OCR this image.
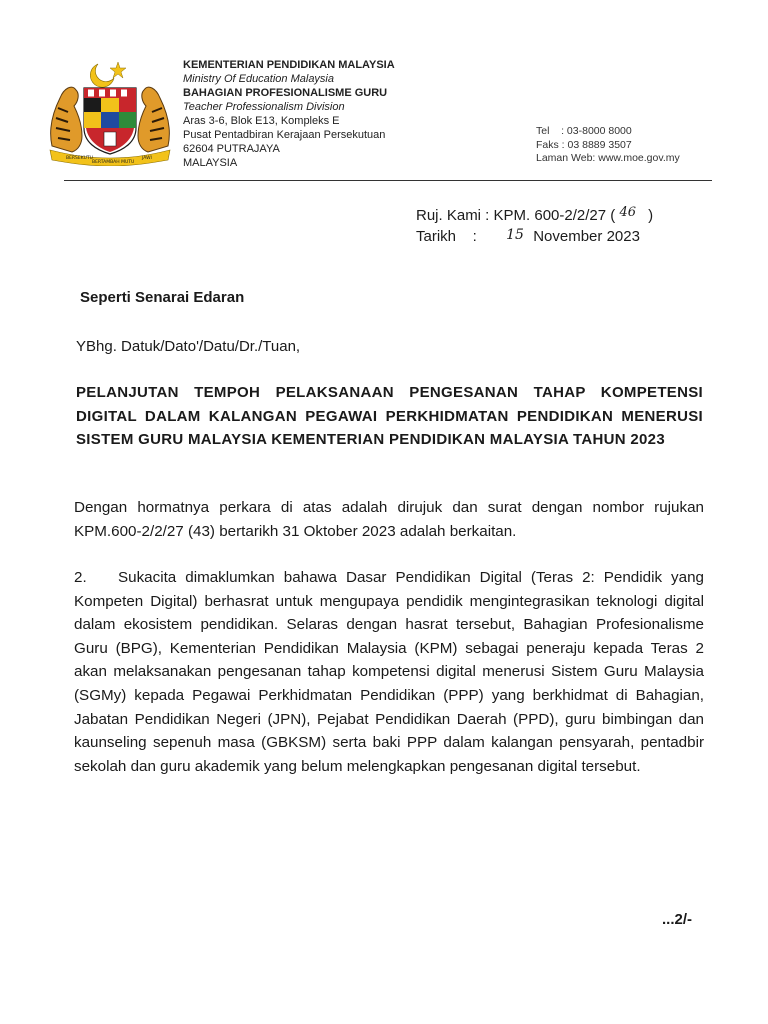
BERSEKUTU
BERTAMBAH MUTU
JAWI
KEMENTERIAN PENDIDIKAN MALAYSIA
Ministry Of Education Malaysia
BAHAGIAN PROFESIONALISME GURU
Teacher Professionalism Division
Aras 3-6, Blok E13, Kompleks E
Pusat Pentadbiran Kerajaan Persekutuan
62604 PUTRAJAYA
MALAYSIA
Tel    : 03-8000 8000
Faks : 03 8889 3507
Laman Web: www.moe.gov.my
Ruj. Kami : KPM. 600-2/2/27 ( 46 )
Tarikh    : 15 November 2023
Seperti Senarai Edaran
YBhg. Datuk/Dato'/Datu/Dr./Tuan,
PELANJUTAN TEMPOH PELAKSANAAN PENGESANAN TAHAP KOMPETENSI DIGITAL DALAM KALANGAN PEGAWAI PERKHIDMATAN PENDIDIKAN MENERUSI SISTEM GURU MALAYSIA KEMENTERIAN PENDIDIKAN MALAYSIA TAHUN 2023
Dengan hormatnya perkara di atas adalah dirujuk dan surat dengan nombor rujukan KPM.600-2/2/27 (43) bertarikh 31 Oktober 2023 adalah berkaitan.
2. Sukacita dimaklumkan bahawa Dasar Pendidikan Digital (Teras 2: Pendidik yang Kompeten Digital) berhasrat untuk mengupaya pendidik mengintegrasikan teknologi digital dalam ekosistem pendidikan. Selaras dengan hasrat tersebut, Bahagian Profesionalisme Guru (BPG), Kementerian Pendidikan Malaysia (KPM) sebagai peneraju kepada Teras 2 akan melaksanakan pengesanan tahap kompetensi digital menerusi Sistem Guru Malaysia (SGMy) kepada Pegawai Perkhidmatan Pendidikan (PPP) yang berkhidmat di Bahagian, Jabatan Pendidikan Negeri (JPN), Pejabat Pendidikan Daerah (PPD), guru bimbingan dan kaunseling sepenuh masa (GBKSM) serta baki PPP dalam kalangan pensyarah, pentadbir sekolah dan guru akademik yang belum melengkapkan pengesanan digital tersebut.
...2/-
